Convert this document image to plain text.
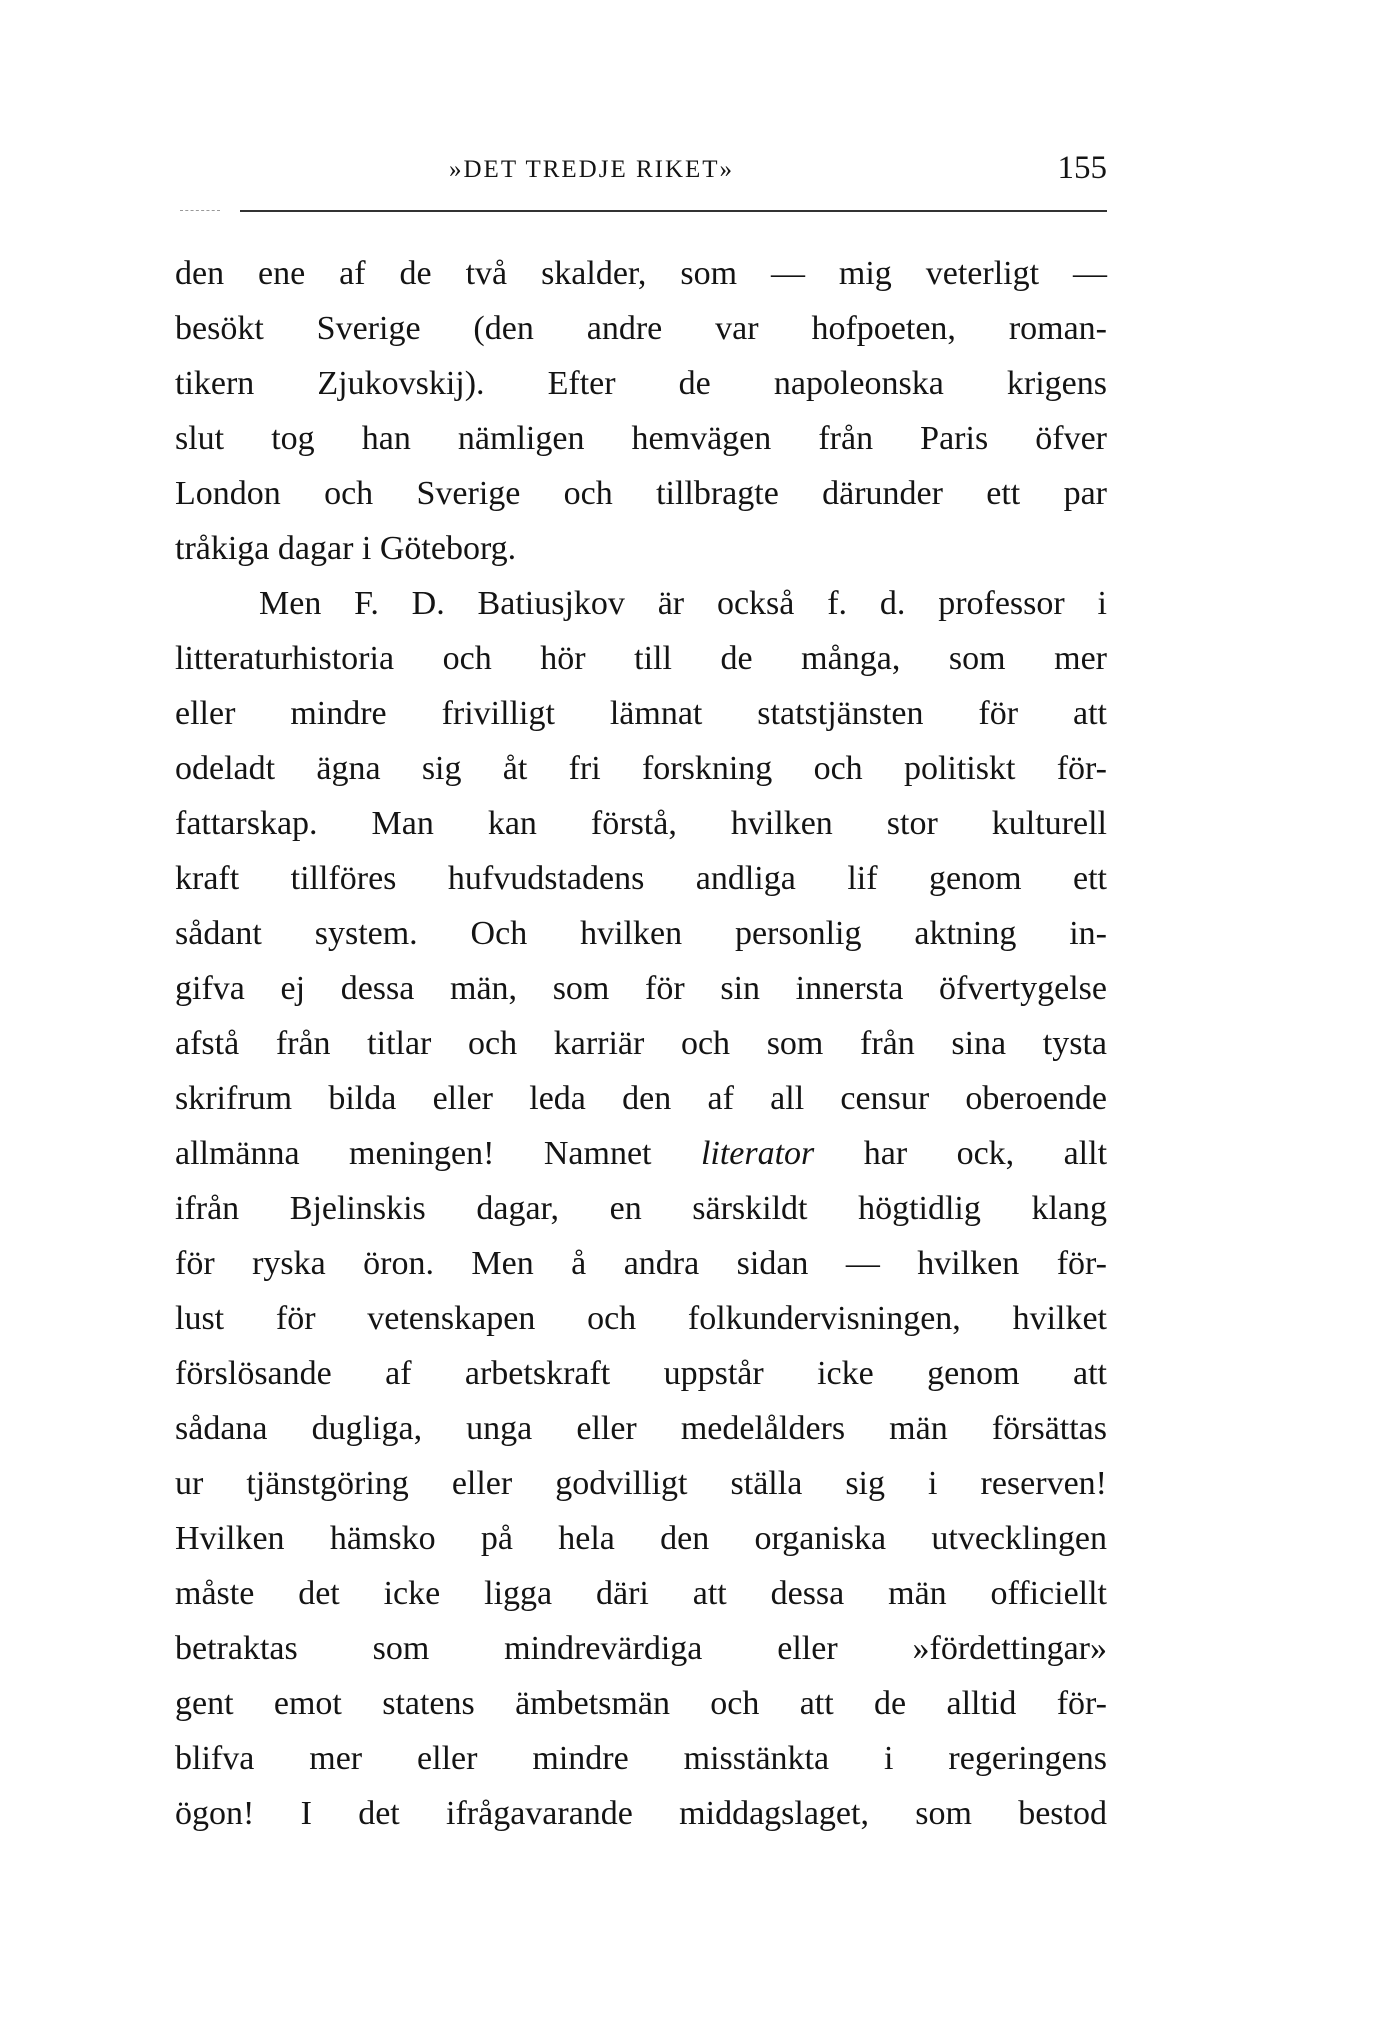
»DET TREDJE RIKET»	155
den ene af de två skalder, som — mig veterligt —
besökt Sverige (den andre var hofpoeten, roman-
tikern Zjukovskij). Efter de napoleonska krigens
slut tog han nämligen hemvägen från Paris öfver
London och Sverige och tillbragte därunder ett par
tråkiga dagar i Göteborg.
Men F. D. Batiusjkov är också f. d. professor i
litteraturhistoria och hör till de många, som mer
eller mindre frivilligt lämnat statstjänsten för att
odeladt ägna sig åt fri forskning och politiskt för-
fattarskap. Man kan förstå, hvilken stor kulturell
kraft tillföres hufvudstadens andliga lif genom ett
sådant system. Och hvilken personlig aktning in-
gifva ej dessa män, som för sin innersta öfvertygelse
afstå från titlar och karriär och som från sina tysta
skrifrum bilda eller leda den af all censur oberoende
allmänna meningen! Namnet literator har ock, allt
ifrån Bjelinskis dagar, en särskildt högtidlig klang
för ryska öron. Men å andra sidan — hvilken för-
lust för vetenskapen och folkundervisningen, hvilket
förslösande af arbetskraft uppstår icke genom att
sådana dugliga, unga eller medelålders män försättas
ur tjänstgöring eller godvilligt ställa sig i reserven!
Hvilken hämsko på hela den organiska utvecklingen
måste det icke ligga däri att dessa män officiellt
betraktas som mindrevärdiga eller »fördettingar»
gent emot statens ämbetsmän och att de alltid för-
blifva mer eller mindre misstänkta i regeringens
ögon! I det ifrågavarande middagslaget, som bestod
